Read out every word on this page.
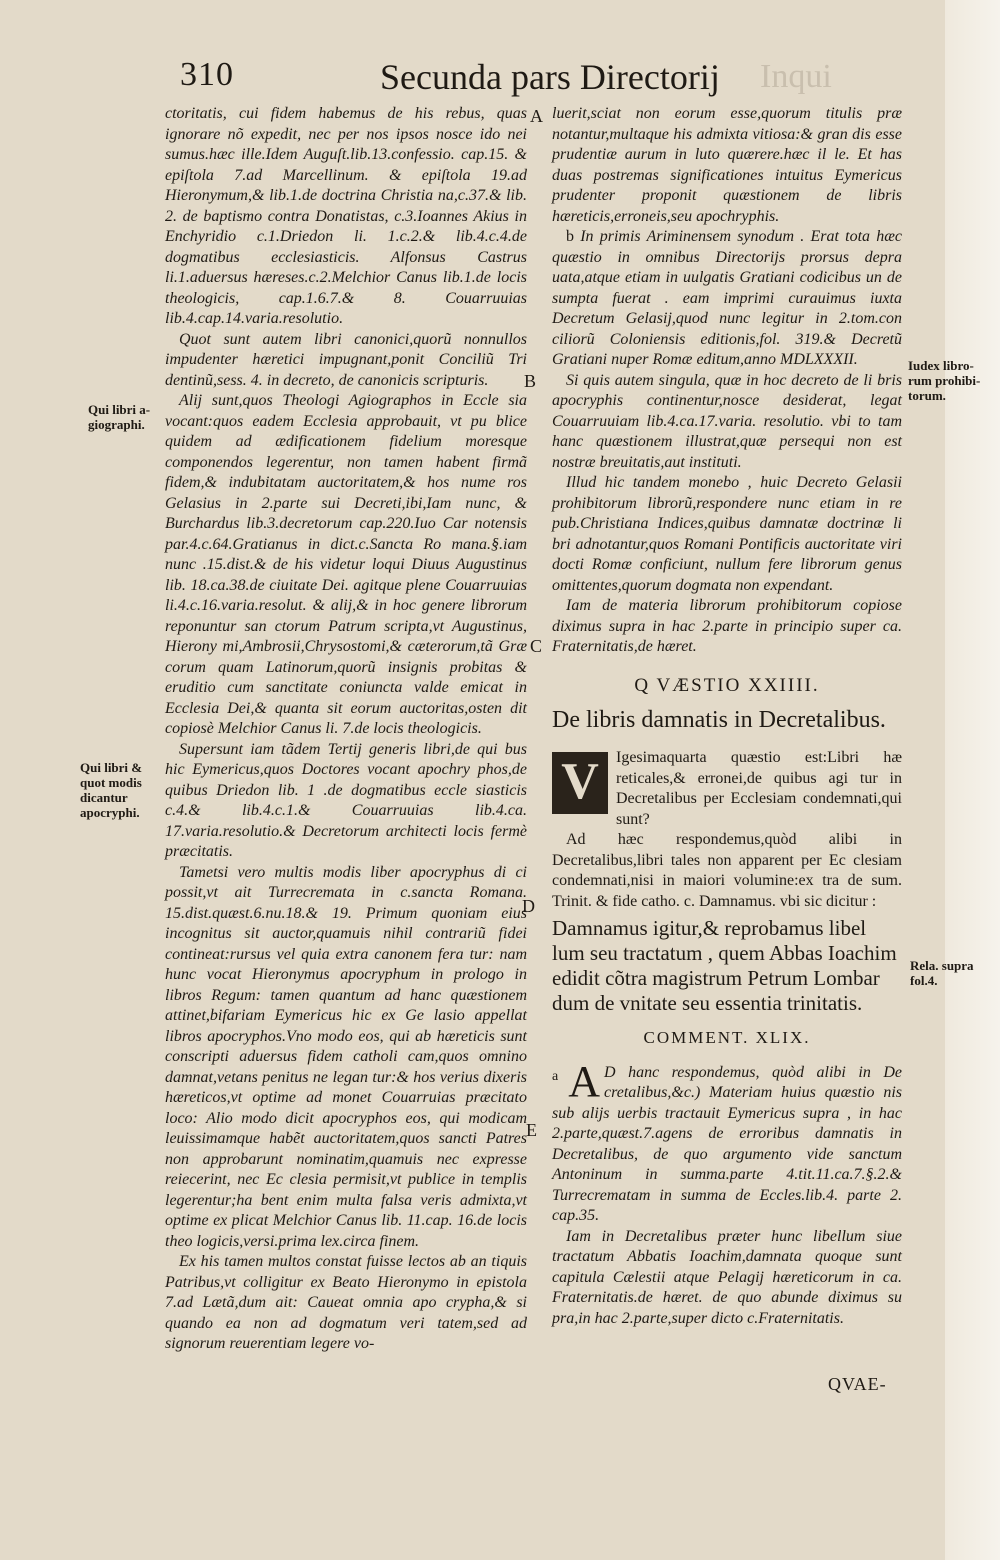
310	Secunda pars Directorij Inqui
A
B
C
D
E
Qui libri a-giographi.
Qui libri & quot modis dicantur apocryphi.
Iudex libro-rum prohibi-torum.
Rela. supra fol.4.

ctoritatis, cui fidem habemus de his rebus, quas ignorare nõ expedit, nec per nos ipsos nosce ido nei sumus.hæc ille.Idem Auguſt.lib.13.confessio. cap.15. & epiſtola 7.ad Marcellinum. & epiſtola 19.ad Hieronymum,& lib.1.de doctrina Christia na,c.37.& lib. 2. de baptismo contra Donatistas, c.3.Ioannes Akius in Enchyridio c.1.Driedon li. 1.c.2.& lib.4.c.4.de dogmatibus ecclesiasticis. Alfonsus Castrus li.1.aduersus hæreses.c.2.Melchior Canus lib.1.de locis theologicis, cap.1.6.7.& 8. Couarruuias lib.4.cap.14.varia.resolutio.

Quot sunt autem libri canonici,quorũ nonnullos impudenter hæretici impugnant,ponit Conciliũ Tri dentinũ,sess. 4. in decreto, de canonicis scripturis.

Alij sunt,quos Theologi Agiographos in Eccle sia vocant:quos eadem Ecclesia approbauit, vt pu blice quidem ad ædificationem fidelium moresque componendos legerentur, non tamen habent firmã fidem,& indubitatam auctoritatem,& hos nume ros Gelasius in 2.parte sui Decreti,ibi,Iam nunc, & Burchardus lib.3.decretorum cap.220.Iuo Car notensis par.4.c.64.Gratianus in dict.c.Sancta Ro mana.§.iam nunc .15.dist.& de his videtur loqui Diuus Augustinus lib. 18.ca.38.de ciuitate Dei. agitque plene Couarruuias li.4.c.16.varia.resolut. & alij,& in hoc genere librorum reponuntur san ctorum Patrum scripta,vt Augustinus, Hierony mi,Ambrosii,Chrysostomi,& cæterorum,tã Græ corum quam Latinorum,quorũ insignis probitas & eruditio cum sanctitate coniuncta valde emicat in Ecclesia Dei,& quanta sit eorum auctoritas,osten dit copiosè Melchior Canus li. 7.de locis theologicis.

Supersunt iam tãdem Tertij generis libri,de qui bus hic Eymericus,quos Doctores vocant apochry phos,de quibus Driedon lib. 1 .de dogmatibus eccle siasticis c.4.& lib.4.c.1.& Couarruuias lib.4.ca. 17.varia.resolutio.& Decretorum architecti locis fermè præcitatis.

Tametsi vero multis modis liber apocryphus di ci possit,vt ait Turrecremata in c.sancta Romana. 15.dist.quæst.6.nu.18.& 19. Primum quoniam eius incognitus sit auctor,quamuis nihil contrariũ fidei contineat:rursus vel quia extra canonem fera tur: nam hunc vocat Hieronymus apocryphum in prologo in libros Regum: tamen quantum ad hanc quæstionem attinet,bifariam Eymericus hic ex Ge lasio appellat libros apocryphos.Vno modo eos, qui ab hæreticis sunt conscripti aduersus fidem catholi cam,quos omnino damnat,vetans penitus ne legan tur:& hos verius dixeris hæreticos,vt optime ad monet Couarruias præcitato loco: Alio modo dicit apocryphos eos, qui modicam leuissimamque habẽt auctoritatem,quos sancti Patres non approbarunt nominatim,quamuis nec expresse reiecerint, nec Ec clesia permisit,vt publice in templis legerentur;ha bent enim multa falsa veris admixta,vt optime ex plicat Melchior Canus lib. 11.cap. 16.de locis theo logicis,versi.prima lex.circa finem.

Ex his tamen multos constat fuisse lectos ab an tiquis Patribus,vt colligitur ex Beato Hieronymo in epistola 7.ad Lætã,dum ait: Caueat omnia apo crypha,& si quando ea non ad dogmatum veri tatem,sed ad signorum reuerentiam legere vo-

luerit,sciat non eorum esse,quorum titulis præ notantur,multaque his admixta vitiosa:& gran dis esse prudentiæ aurum in luto quærere.hæc il le. Et has duas postremas significationes intuitus Eymericus prudenter proponit quæstionem de libris hæreticis,erroneis,seu apochryphis.

b In primis Ariminensem synodum . Erat tota hæc quæstio in omnibus Directorijs prorsus depra uata,atque etiam in uulgatis Gratiani codicibus un de sumpta fuerat . eam imprimi curauimus iuxta Decretum Gelasij,quod nunc legitur in 2.tom.con ciliorũ Coloniensis editionis,fol. 319.& Decretũ Gratiani nuper Romæ editum,anno MDLXXXII.

Si quis autem singula, quæ in hoc decreto de li bris apocryphis continentur,nosce desiderat, legat Couarruuiam lib.4.ca.17.varia. resolutio. vbi to tam hanc quæstionem illustrat,quæ persequi non est nostræ breuitatis,aut instituti.

Illud hic tandem monebo , huic Decreto Gelasii prohibitorum librorũ,respondere nunc etiam in re pub.Christiana Indices,quibus damnatæ doctrinæ li bri adnotantur,quos Romani Pontificis auctoritate viri docti Romæ conficiunt, nullum fere librorum genus omittentes,quorum dogmata non expendant.

Iam de materia librorum prohibitorum copiose diximus supra in hac 2.parte in principio super ca. Fraternitatis,de hæret.

Q VÆSTIO XXIIII.
De libris damnatis in Decretalibus.

V	Igesimaquarta quæstio est:Libri hæ reticales,& erronei,de quibus agi tur in Decretalibus per Ecclesiam condemnati,qui sunt?

Ad hæc respondemus,quòd alibi in Decretalibus,libri tales non apparent per Ec clesiam condemnati,nisi in maiori volumine:ex tra de sum. Trinit. & fide catho. c. Damnamus. vbi sic dicitur :

Damnamus igitur,& reprobamus libel lum seu tractatum , quem Abbas Ioachim edidit cõtra magistrum Petrum Lombar dum de vnitate seu essentia trinitatis.
COMMENT. XLIX.

a A D hanc respondemus, quòd alibi in De cretalibus,&c.) Materiam huius quæstio nis sub alijs uerbis tractauit Eymericus supra , in hac 2.parte,quæst.7.agens de erroribus damnatis in Decretalibus, de quo argumento vide sanctum Antoninum in summa.parte 4.tit.11.ca.7.§.2.& Turrecrematam in summa de Eccles.lib.4. parte 2. cap.35.

Iam in Decretalibus præter hunc libellum siue tractatum Abbatis Ioachim,damnata quoque sunt capitula Cælestii atque Pelagij hæreticorum in ca. Fraternitatis.de hæret. de quo abunde diximus su pra,in hac 2.parte,super dicto c.Fraternitatis.

QVAE-
